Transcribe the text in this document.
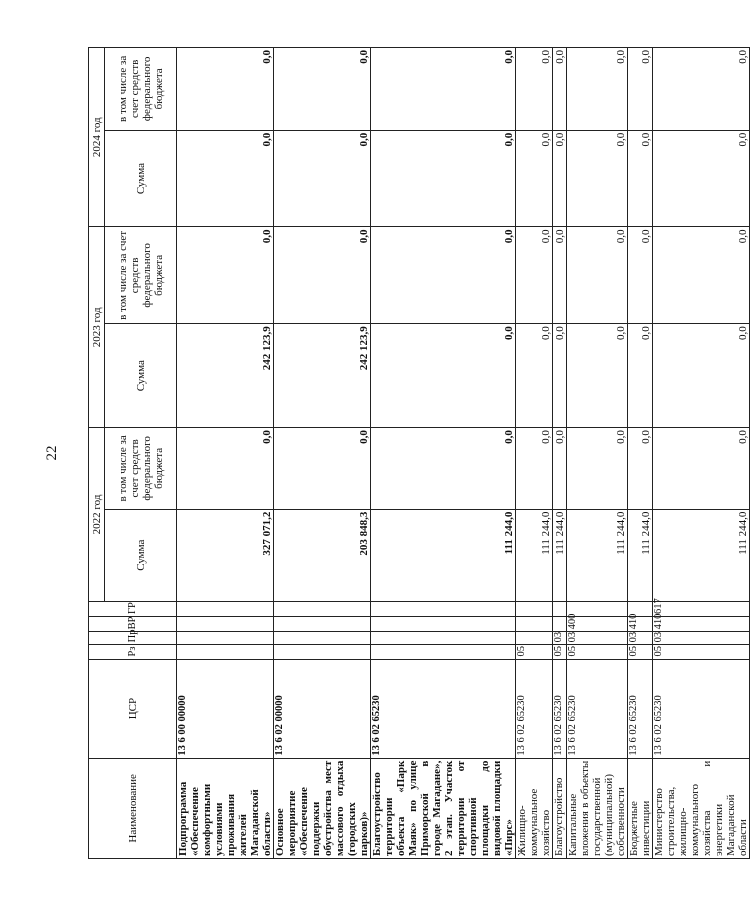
22
Наименование	ЦСР	Рз	Пр	ВР	ГР	2022 год		2023 год		2024 год	
						Сумма	в том числе за счет средств федерального бюджета	Сумма	в том числе за счет средств федерального бюджета	Сумма	в том числе за счет средств федерального бюджета

Подпрограмма «Обеспечение комфортными условиями проживания жителей Магаданской области»	13 6 00 00000					327 071,2	0,0	242 123,9	0,0	0,0	0,0
Основное мероприятие «Обеспечение поддержки обустройства мест массового отдыха (городских парков)»	13 6 02 00000					203 848,3	0,0	242 123,9	0,0	0,0	0,0
Благоустройство территории объекта «Парк Маяк» по улице Приморской в городе Магадане», 2 этап. Участок территории от спортивной площадки до видовой площадки «Пирс»	13 6 02 65230					111 244,0	0,0	0,0	0,0	0,0	0,0
Жилищно-коммунальное хозяйство	13 6 02 65230	05				111 244,0	0,0	0,0	0,0	0,0	0,0
Благоустройство	13 6 02 65230	05	03			111 244,0	0,0	0,0	0,0	0,0	0,0
Капитальные вложения в объекты государственной (муниципальной) собственности	13 6 02 65230	05	03	400		111 244,0	0,0	0,0	0,0	0,0	0,0
Бюджетные инвестиции	13 6 02 65230	05	03	410		111 244,0	0,0	0,0	0,0	0,0	0,0
Министерство строительства, жилищно-коммунального хозяйства и энергетики Магаданской области	13 6 02 65230	05	03	410	617	111 244,0	0,0	0,0	0,0	0,0	0,0
